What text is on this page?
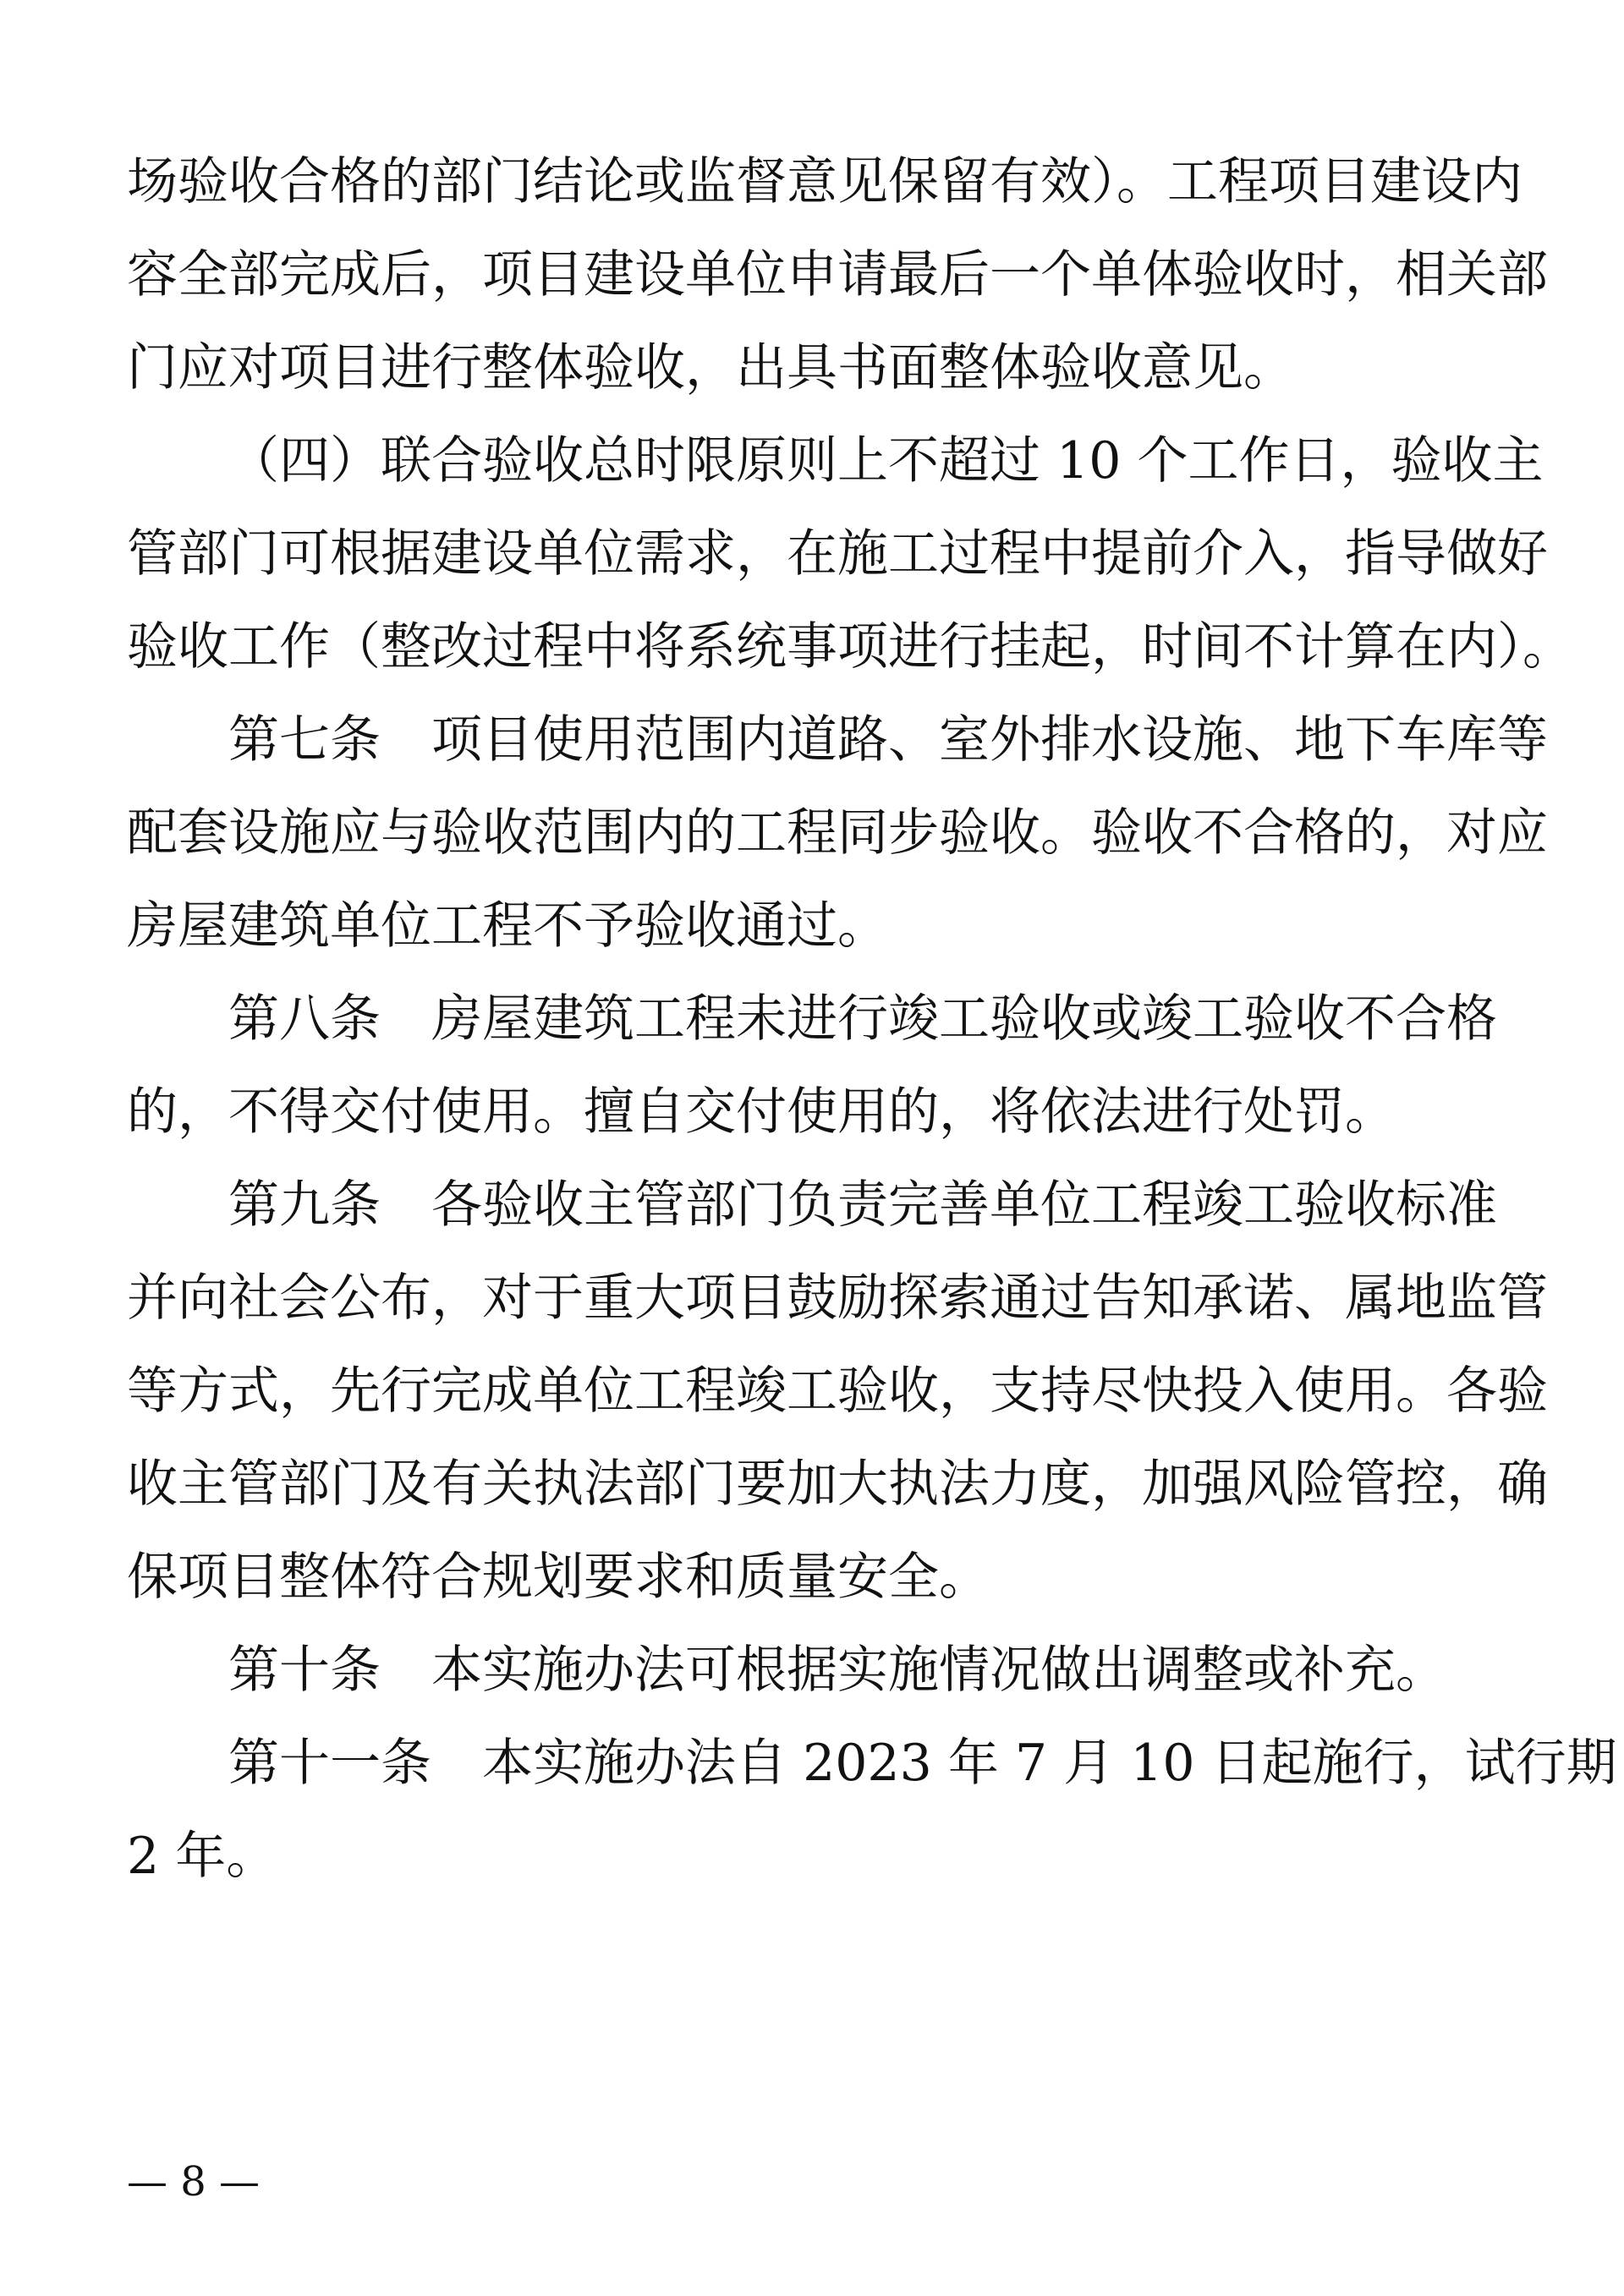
场验收合格的部门结论或监督意见保留有效）。工程项目建设内
容全部完成后，项目建设单位申请最后一个单体验收时，相关部
门应对项目进行整体验收，出具书面整体验收意见。
（四）联合验收总时限原则上不超过 10 个工作日，验收主
管部门可根据建设单位需求，在施工过程中提前介入，指导做好
验收工作（整改过程中将系统事项进行挂起，时间不计算在内）。
第七条　项目使用范围内道路、室外排水设施、地下车库等
配套设施应与验收范围内的工程同步验收。验收不合格的，对应
房屋建筑单位工程不予验收通过。
第八条　房屋建筑工程未进行竣工验收或竣工验收不合格
的，不得交付使用。擅自交付使用的，将依法进行处罚。
第九条　各验收主管部门负责完善单位工程竣工验收标准
并向社会公布，对于重大项目鼓励探索通过告知承诺、属地监管
等方式，先行完成单位工程竣工验收，支持尽快投入使用。各验
收主管部门及有关执法部门要加大执法力度，加强风险管控，确
保项目整体符合规划要求和质量安全。
第十条　本实施办法可根据实施情况做出调整或补充。
第十一条　本实施办法自 2023 年 7 月 10 日起施行，试行期
2 年。
— 8 —
